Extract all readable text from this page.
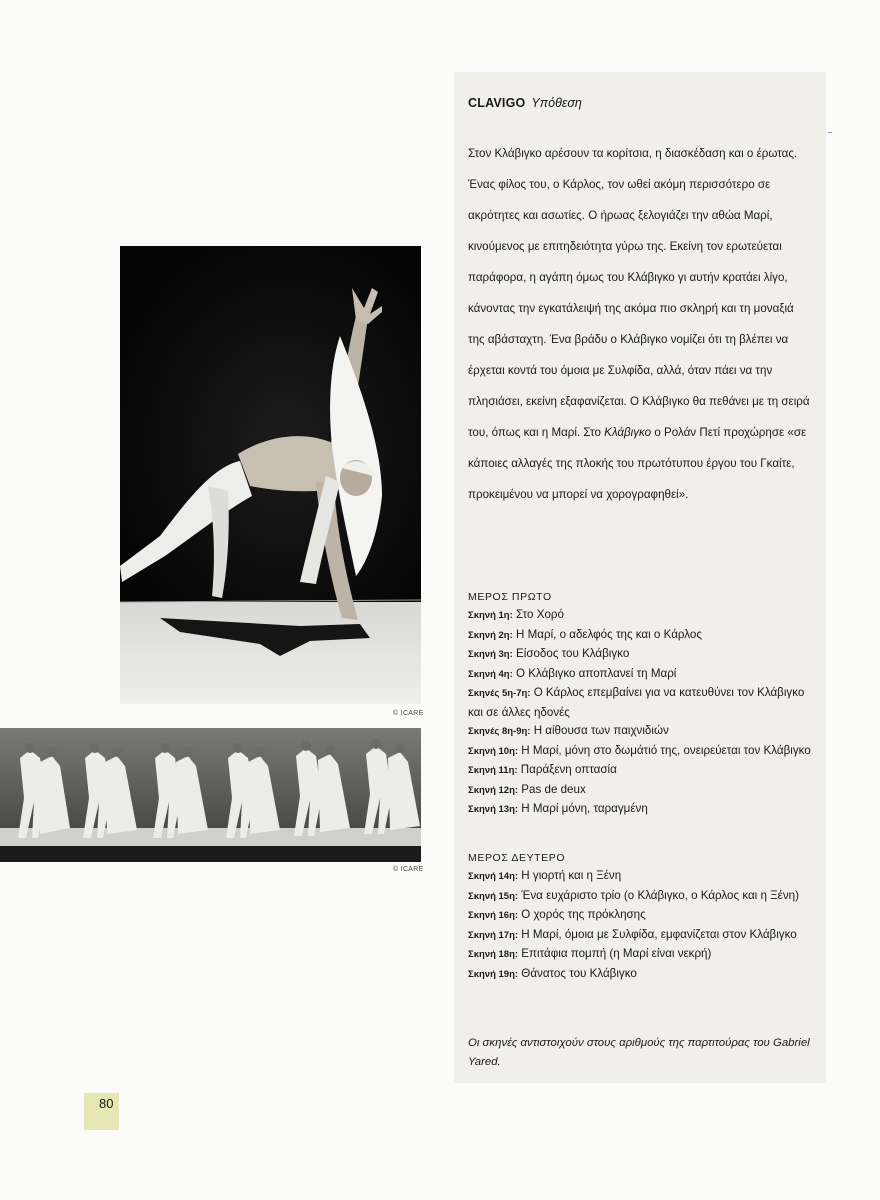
© ICARE
© ICARE
CLAVIGO Υπόθεση

Στον Κλάβιγκο αρέσουν τα κορίτσια, η διασκέδαση και ο έρωτας. Ένας φίλος του, ο Κάρλος, τον ωθεί ακόμη περισσότερο σε ακρότητες και ασωτίες. Ο ήρωας ξελογιάζει την αθώα Μαρί, κινούμενος με επιτηδειότητα γύρω της. Εκείνη τον ερωτεύεται παράφορα, η αγάπη όμως του Κλάβιγκο γι αυτήν κρατάει λίγο, κάνοντας την εγκατάλειψή της ακόμα πιο σκληρή και τη μοναξιά της αβάσταχτη. Ένα βράδυ ο Κλάβιγκο νομίζει ότι τη βλέπει να έρχεται κοντά του όμοια με Συλφίδα, αλλά, όταν πάει να την πλησιάσει, εκείνη εξαφανίζεται. Ο Κλάβιγκο θα πεθάνει με τη σειρά του, όπως και η Μαρί. Στο Κλάβιγκο ο Ρολάν Πετί προχώρησε «σε κάποιες αλλαγές της πλοκής του πρωτότυπου έργου του Γκαίτε, προκειμένου να μπορεί να χορογραφηθεί».

ΜΕΡΟΣ ΠΡΩΤΟ
Σκηνή 1η: Στο Χορό
Σκηνή 2η: Η Μαρί, ο αδελφός της και ο Κάρλος
Σκηνή 3η: Είσοδος του Κλάβιγκο
Σκηνή 4η: Ο Κλάβιγκο αποπλανεί τη Μαρί
Σκηνές 5η-7η: Ο Κάρλος επεμβαίνει για να κατευθύνει τον Κλάβιγκο και σε άλλες ηδονές
Σκηνές 8η-9η: Η αίθουσα των παιχνιδιών
Σκηνή 10η: Η Μαρί, μόνη στο δωμάτιό της, ονειρεύεται τον Κλάβιγκο
Σκηνή 11η: Παράξενη οπτασία
Σκηνή 12η: Pas de deux
Σκηνή 13η: Η Μαρί μόνη, ταραγμένη
ΜΕΡΟΣ ΔΕΥΤΕΡΟ
Σκηνή 14η: Η γιορτή και η Ξένη
Σκηνή 15η: Ένα ευχάριστο τρίο (ο Κλάβιγκο, ο Κάρλος και η Ξένη)
Σκηνή 16η: Ο χορός της πρόκλησης
Σκηνή 17η: Η Μαρί, όμοια με Συλφίδα, εμφανίζεται στον Κλάβιγκο
Σκηνή 18η: Επιτάφια πομπή (η Μαρί είναι νεκρή)
Σκηνή 19η: Θάνατος του Κλάβιγκο
Οι σκηνές αντιστοιχούν στους αριθμούς της παρτιτούρας του Gabriel Yared.
80
